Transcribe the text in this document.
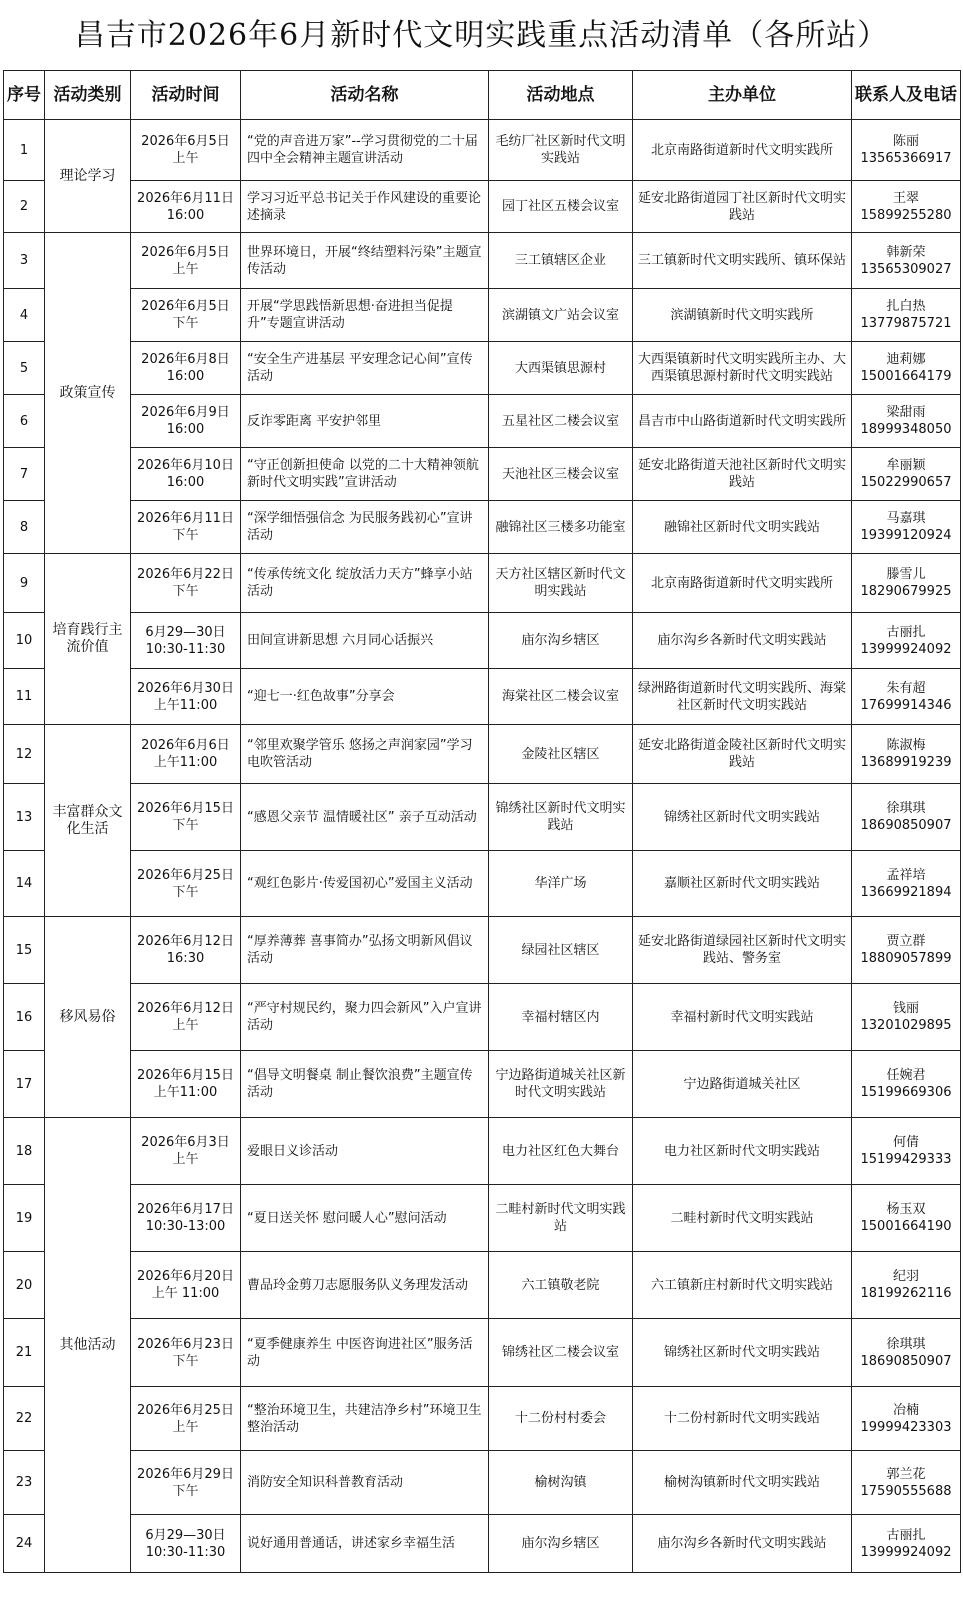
昌吉市2026年6月新时代文明实践重点活动清单（各所站）
序号	活动类别	活动时间	活动名称	活动地点	主办单位	联系人及电话
1	理论学习	2026年6月5日
上午	“党的声音进万家”--学习贯彻党的二十届四中全会精神主题宣讲活动	毛纺厂社区新时代文明实践站	北京南路街道新时代文明实践所	陈丽
13565366917

2		2026年6月11日
16:00	学习习近平总书记关于作风建设的重要论述摘录	园丁社区五楼会议室	延安北路街道园丁社区新时代文明实践站	王翠
15899255280

3	政策宣传	2026年6月5日
上午	世界环境日，开展“终结塑料污染”主题宣传活动	三工镇辖区企业	三工镇新时代文明实践所、镇环保站	韩新荣
13565309027

4		2026年6月5日
下午	开展“学思践悟新思想·奋进担当促提升”专题宣讲活动	滨湖镇文广站会议室	滨湖镇新时代文明实践所	扎白热
13779875721

5		2026年6月8日
16:00	“安全生产进基层 平安理念记心间”宣传活动	大西渠镇思源村	大西渠镇新时代文明实践所主办、大西渠镇思源村新时代文明实践站	迪莉娜
15001664179

6		2026年6月9日
16:00	反诈零距离 平安护邻里	五星社区二楼会议室	昌吉市中山路街道新时代文明实践所	梁甜雨
18999348050

7		2026年6月10日
16:00	“守正创新担使命 以党的二十大精神领航新时代文明实践”宣讲活动	天池社区三楼会议室	延安北路街道天池社区新时代文明实践站	牟丽颖
15022990657

8		2026年6月11日
下午	“深学细悟强信念 为民服务践初心”宣讲活动	融锦社区三楼多功能室	融锦社区新时代文明实践站	马嘉琪
19399120924

9	培育践行主流价值	2026年6月22日
下午	“传承传统文化 绽放活力天方”蜂享小站活动	天方社区辖区新时代文明实践站	北京南路街道新时代文明实践所	滕雪儿
18290679925

10		6月29—30日
10:30-11:30	田间宣讲新思想 六月同心话振兴	庙尔沟乡辖区	庙尔沟乡各新时代文明实践站	古丽扎
13999924092

11		2026年6月30日
上午11:00	“迎七一·红色故事”分享会	海棠社区二楼会议室	绿洲路街道新时代文明实践所、海棠社区新时代文明实践站	朱有超
17699914346

12	丰富群众文化生活	2026年6月6日
上午11:00	“邻里欢聚学管乐 悠扬之声润家园”学习电吹管活动	金陵社区辖区	延安北路街道金陵社区新时代文明实践站	陈淑梅
13689919239

13		2026年6月15日
下午	“感恩父亲节 温情暖社区” 亲子互动活动	锦绣社区新时代文明实践站	锦绣社区新时代文明实践站	徐琪琪
18690850907

14		2026年6月25日
下午	“观红色影片·传爱国初心”爱国主义活动	华洋广场	嘉顺社区新时代文明实践站	孟祥培
13669921894

15	移风易俗	2026年6月12日
16:30	“厚养薄葬 喜事简办”弘扬文明新风倡议活动	绿园社区辖区	延安北路街道绿园社区新时代文明实践站、警务室	贾立群
18809057899

16		2026年6月12日
上午	“严守村规民约，聚力四会新风”入户宣讲活动	幸福村辖区内	幸福村新时代文明实践站	钱丽
13201029895

17		2026年6月15日
上午11:00	“倡导文明餐桌 制止餐饮浪费”主题宣传活动	宁边路街道城关社区新时代文明实践站	宁边路街道城关社区	任婉君
15199669306

18	其他活动	2026年6月3日
上午	爱眼日义诊活动	电力社区红色大舞台	电力社区新时代文明实践站	何倩
15199429333

19		2026年6月17日
10:30-13:00	“夏日送关怀 慰问暖人心”慰问活动	二畦村新时代文明实践站	二畦村新时代文明实践站	杨玉双
15001664190

20		2026年6月20日
上午 11:00	曹品玲金剪刀志愿服务队义务理发活动	六工镇敬老院	六工镇新庄村新时代文明实践站	纪羽
18199262116

21		2026年6月23日
下午	“夏季健康养生 中医咨询进社区”服务活动	锦绣社区二楼会议室	锦绣社区新时代文明实践站	徐琪琪
18690850907

22		2026年6月25日
上午	“整治环境卫生，共建洁净乡村”环境卫生整治活动	十二份村村委会	十二份村新时代文明实践站	冶楠
19999423303

23		2026年6月29日
下午	消防安全知识科普教育活动	榆树沟镇	榆树沟镇新时代文明实践站	郭兰花
17590555688

24		6月29—30日
10:30-11:30	说好通用普通话，讲述家乡幸福生活	庙尔沟乡辖区	庙尔沟乡各新时代文明实践站	古丽扎
13999924092
